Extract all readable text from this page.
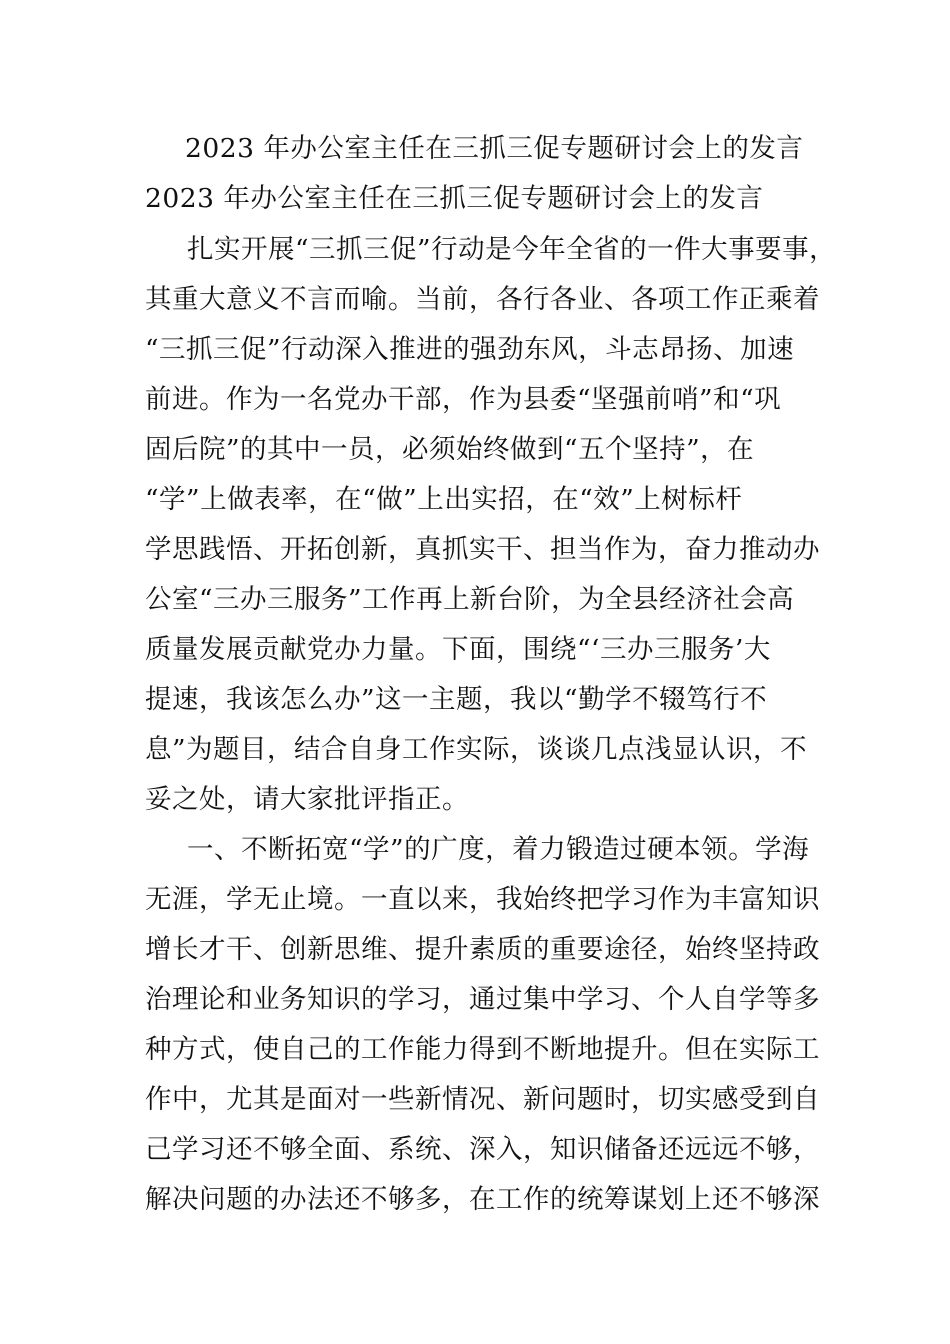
2023 年办公室主任在三抓三促专题研讨会上的发言
2023 年办公室主任在三抓三促专题研讨会上的发言
扎实开展“三抓三促”行动是今年全省的一件大事要事，
其重大意义不言而喻。当前，各行各业、各项工作正乘着
“三抓三促”行动深入推进的强劲东风，斗志昂扬、加速
前进。作为一名党办干部，作为县委“坚强前哨”和“巩
固后院”的其中一员，必须始终做到“五个坚持”，在
“学”上做表率，在“做”上出实招，在“效”上树标杆
学思践悟、开拓创新，真抓实干、担当作为，奋力推动办
公室“三办三服务”工作再上新台阶，为全县经济社会高
质量发展贡献党办力量。下面，围绕“‘三办三服务’大
提速，我该怎么办”这一主题，我以“勤学不辍笃行不
息”为题目，结合自身工作实际，谈谈几点浅显认识，不
妥之处，请大家批评指正。
一、不断拓宽“学”的广度，着力锻造过硬本领。学海
无涯，学无止境。一直以来，我始终把学习作为丰富知识
增长才干、创新思维、提升素质的重要途径，始终坚持政
治理论和业务知识的学习，通过集中学习、个人自学等多
种方式，使自己的工作能力得到不断地提升。但在实际工
作中，尤其是面对一些新情况、新问题时，切实感受到自
己学习还不够全面、系统、深入，知识储备还远远不够，
解决问题的办法还不够多，在工作的统筹谋划上还不够深
